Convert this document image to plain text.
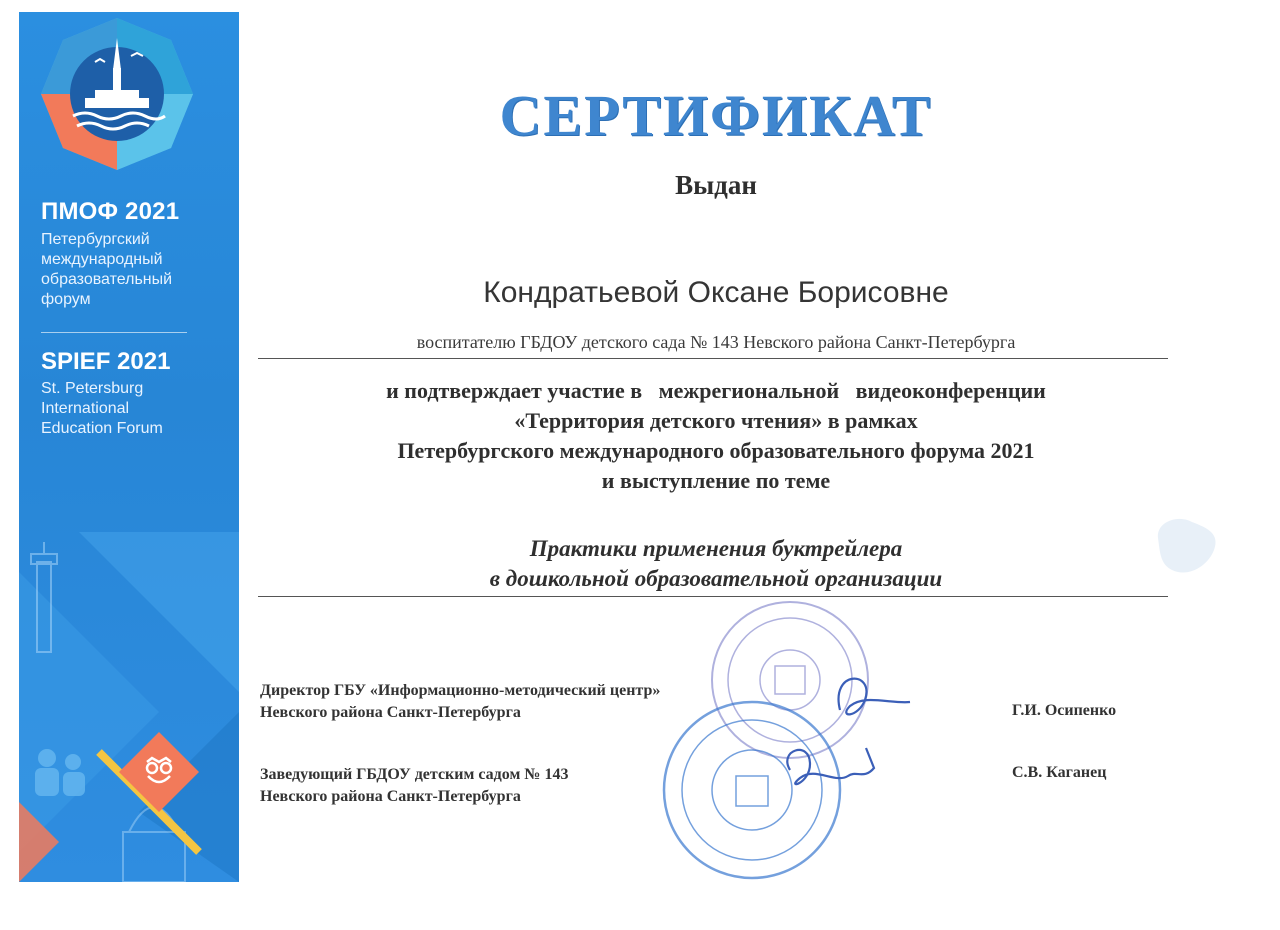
ПМОФ 2021
Петербургский
международный
образовательный
форум
SPIEF 2021
St. Petersburg
International
Education Forum
СЕРТИФИКАТ
Выдан
Кондратьевой Оксане Борисовне
воспитателю ГБДОУ детского сада № 143 Невского района Санкт-Петербурга
и подтверждает участие в   межрегиональной   видеоконференции
«Территория детского чтения» в рамках
Петербургского международного образовательного форума 2021
и выступление по теме
Практики применения буктрейлера
в дошкольной образовательной организации
Директор ГБУ «Информационно-методический центр»
Невского района Санкт-Петербурга	Г.И. Осипенко
Заведующий ГБДОУ детским садом № 143
Невского района Санкт-Петербурга
С.В. Каганец
